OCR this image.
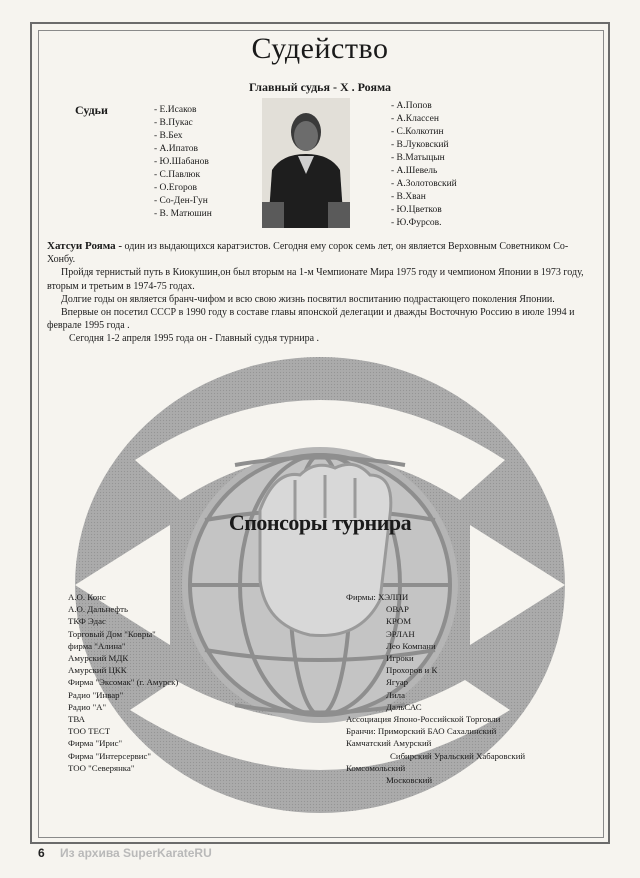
Судейство
Главный судья - Х . Рояма
Судьи
-	Е.Исаков
- В.Пукас
- В.Бех
- А.Ипатов
- Ю.Шабанов
- С.Павлюк
- О.Егоров
- Со-Ден-Гун
- В. Матюшин
- А.Попов
- А.Классен
- С.Колкотин
- В.Луковский
- В.Матыцын
- А.Шевель
- А.Золотовский
- В.Хван
- Ю.Цветков
- Ю.Фурсов.

Хатсуи Рояма - один из выдающихся каратэистов. Сегодня ему сорок семь лет, он является Верховным Советником Со-Хонбу.

Пройдя тернистый путь в Киокушин,он был вторым на 1-м Чемпионате Мира 1975 году и чемпионом Японии в 1973 году, вторым и третьим в 1974-75 годах.

Долгие годы он является бранч-чифом и всю свою жизнь посвятил воспитанию подрастающего поколения Японии.

Впервые он посетил СССР в 1990 году в составе главы японской делегации и дважды Восточную Россию в июле 1994 и феврале 1995 года .

Сегодня 1-2 апреля 1995 года он - Главный судья турнира .

Спонсоры турнира
А.О. Конс
А.О. Дальнефть
ТКФ Эдас
Торговый Дом "Ковры"
фирма "Алина"
Амурский МДК
Амурский ЦКК
Фирма "Эксомак" (г. Амурск)
Радио "Инвар"
Радио "А"
ТВА
ТОО ТЕСТ
Фирма "Ирис"
Фирма "Интерсервис"
ТОО "Северянка"
Фирмы: ХЭЛПИ
ОВАР
КРОМ
ЭРЛАН
Лео Компани
Игроки
Прохоров и К
Ягуар
Лила
ДальСАС
Ассоциация Японо-Российской Торговли
Бранчи: Приморский БАО Сахалинский
Камчатский Амурский
Сибирский Уральский Хабаровский
Комсомольский
Московский
6 Из архива SuperKarateRU
